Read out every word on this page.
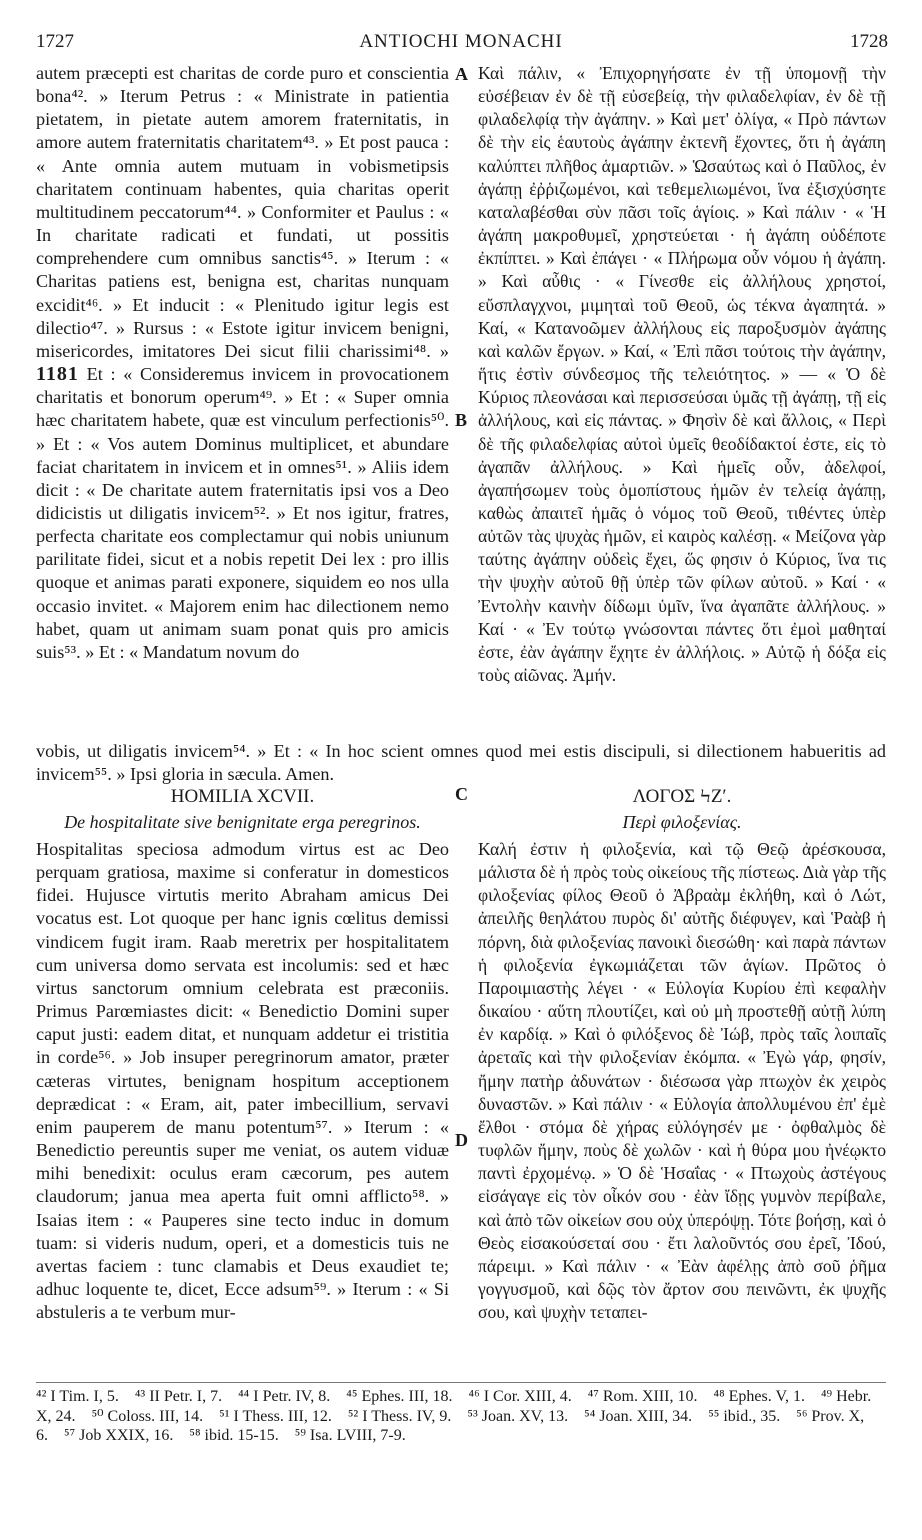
1727	ANTIOCHI MONACHI	1728
A
B
C
D
autem præcepti est charitas de corde puro et conscientia bona⁴². » Iterum Petrus : « Ministrate in patientia pietatem, in pietate autem amorem fraternitatis, in amore autem fraternitatis charitatem⁴³. » Et post pauca : « Ante omnia autem mutuam in vobismetipsis charitatem continuam habentes, quia charitas operit multitudinem peccatorum⁴⁴. » Conformiter et Paulus : « In charitate radicati et fundati, ut possitis comprehendere cum omnibus sanctis⁴⁵. » Iterum : « Charitas patiens est, benigna est, charitas nunquam excidit⁴⁶. » Et inducit : « Plenitudo igitur legis est dilectio⁴⁷. » Rursus : « Estote igitur invicem benigni, misericordes, imitatores Dei sicut filii charissimi⁴⁸. » 1181 Et : « Consideremus invicem in provocationem charitatis et bonorum operum⁴⁹. » Et : « Super omnia hæc charitatem habete, quæ est vinculum perfectionis⁵⁰. » Et : « Vos autem Dominus multiplicet, et abundare faciat charitatem in invicem et in omnes⁵¹. » Aliis idem dicit : « De charitate autem fraternitatis ipsi vos a Deo didicistis ut diligatis invicem⁵². » Et nos igitur, fratres, perfecta charitate eos complectamur qui nobis uniunum parilitate fidei, sicut et a nobis repetit Dei lex : pro illis quoque et animas parati exponere, siquidem eo nos ulla occasio invitet. « Majorem enim hac dilectionem nemo habet, quam ut animam suam ponat quis pro amicis suis⁵³. » Et : « Mandatum novum do
Καὶ πάλιν, « Ἐπιχορηγήσατε ἐν τῇ ὑπομονῇ τὴν εὐσέβειαν ἐν δὲ τῇ εὐσεβείᾳ, τὴν φιλαδελφίαν, ἐν δὲ τῇ φιλαδελφίᾳ τὴν ἀγάπην. » Καὶ μετ' ὀλίγα, « Πρὸ πάντων δὲ τὴν εἰς ἑαυτοὺς ἀγάπην ἐκτενῆ ἔχοντες, ὅτι ἡ ἀγάπη καλύπτει πλῆθος ἁμαρτιῶν. » Ὡσαύτως καὶ ὁ Παῦλος, ἐν ἀγάπῃ ἐῤῥιζωμένοι, καὶ τεθεμελιωμένοι, ἵνα ἐξισχύσητε καταλαβέσθαι σὺν πᾶσι τοῖς ἁγίοις. » Καὶ πάλιν · « Ἡ ἀγάπη μακροθυμεῖ, χρηστεύεται · ἡ ἀγάπη οὐδέποτε ἐκπίπτει. » Καὶ ἐπάγει · « Πλήρωμα οὖν νόμου ἡ ἀγάπη. » Καὶ αὖθις · « Γίνεσθε εἰς ἀλλήλους χρηστοί, εὔσπλαγχνοι, μιμηταὶ τοῦ Θεοῦ, ὡς τέκνα ἀγαπητά. » Καί, « Κατανοῶμεν ἀλλήλους εἰς παροξυσμὸν ἀγάπης καὶ καλῶν ἔργων. » Καί, « Ἐπὶ πᾶσι τούτοις τὴν ἀγάπην, ἥτις ἐστὶν σύνδεσμος τῆς τελειότητος. » — « Ὁ δὲ Κύριος πλεονάσαι καὶ περισσεύσαι ὑμᾶς τῇ ἀγάπῃ, τῇ εἰς ἀλλήλους, καὶ εἰς πάντας. » Φησὶν δὲ καὶ ἄλλοις, « Περὶ δὲ τῆς φιλαδελφίας αὐτοὶ ὑμεῖς θεοδίδακτοί ἐστε, εἰς τὸ ἀγαπᾶν ἀλλήλους. » Καὶ ἡμεῖς οὖν, ἀδελφοί, ἀγαπήσωμεν τοὺς ὁμοπίστους ἡμῶν ἐν τελείᾳ ἀγάπῃ, καθὼς ἀπαιτεῖ ἡμᾶς ὁ νόμος τοῦ Θεοῦ, τιθέντες ὑπὲρ αὐτῶν τὰς ψυχὰς ἡμῶν, εἰ καιρὸς καλέσῃ. « Μείζονα γὰρ ταύτης ἀγάπην οὐδεὶς ἔχει, ὥς φησιν ὁ Κύριος, ἵνα τις τὴν ψυχὴν αὐτοῦ θῇ ὑπὲρ τῶν φίλων αὐτοῦ. » Καί · « Ἐντολὴν καινὴν δίδωμι ὑμῖν, ἵνα ἀγαπᾶτε ἀλλήλους. » Καί · « Ἐν τούτῳ γνώσονται πάντες ὅτι ἐμοὶ μαθηταί ἐστε, ἐὰν ἀγάπην ἔχητε ἐν ἀλλήλοις. » Αὐτῷ ἡ δόξα εἰς τοὺς αἰῶνας. Ἀμήν.
vobis, ut diligatis invicem⁵⁴. » Et : « In hoc scient omnes quod mei estis discipuli, si dilectionem habueritis ad invicem⁵⁵. » Ipsi gloria in sæcula. Amen.
HOMILIA XCVII.
De hospitalitate sive benignitate erga peregrinos.
ΛΟΓΟΣ ϞΖʹ.
Περὶ φιλοξενίας.
Hospitalitas speciosa admodum virtus est ac Deo perquam gratiosa, maxime si conferatur in domesticos fidei. Hujusce virtutis merito Abraham amicus Dei vocatus est. Lot quoque per hanc ignis cœlitus demissi vindicem fugit iram. Raab meretrix per hospitalitatem cum universa domo servata est incolumis: sed et hæc virtus sanctorum omnium celebrata est præconiis. Primus Parœmiastes dicit: « Benedictio Domini super caput justi: eadem ditat, et nunquam addetur ei tristitia in corde⁵⁶. » Job insuper peregrinorum amator, præter cæteras virtutes, benignam hospitum acceptionem deprædicat : « Eram, ait, pater imbecillium, servavi enim pauperem de manu potentum⁵⁷. » Iterum : « Benedictio pereuntis super me veniat, os autem viduæ mihi benedixit: oculus eram cæcorum, pes autem claudorum; janua mea aperta fuit omni afflicto⁵⁸. » Isaias item : « Pauperes sine tecto induc in domum tuam: si videris nudum, operi, et a domesticis tuis ne avertas faciem : tunc clamabis et Deus exaudiet te; adhuc loquente te, dicet, Ecce adsum⁵⁹. » Iterum : « Si abstuleris a te verbum mur-
Καλή ἐστιν ἡ φιλοξενία, καὶ τῷ Θεῷ ἀρέσκουσα, μάλιστα δὲ ἡ πρὸς τοὺς οἰκείους τῆς πίστεως. Διὰ γὰρ τῆς φιλοξενίας φίλος Θεοῦ ὁ Ἀβραὰμ ἐκλήθη, καὶ ὁ Λώτ, ἀπειλῆς θεηλάτου πυρὸς δι' αὐτῆς διέφυγεν, καὶ Ῥαὰβ ἡ πόρνη, διὰ φιλοξενίας πανοικὶ διεσώθη· καὶ παρὰ πάντων ἡ φιλοξενία ἐγκωμιάζεται τῶν ἁγίων. Πρῶτος ὁ Παροιμιαστὴς λέγει · « Εὐλογία Κυρίου ἐπὶ κεφαλὴν δικαίου · αὕτη πλουτίζει, καὶ οὐ μὴ προστεθῇ αὐτῇ λύπη ἐν καρδίᾳ. » Καὶ ὁ φιλόξενος δὲ Ἰώβ, πρὸς ταῖς λοιπαῖς ἀρεταῖς καὶ τὴν φιλοξενίαν ἐκόμπα. « Ἐγὼ γάρ, φησίν, ἤμην πατὴρ ἀδυνάτων · διέσωσα γὰρ πτωχὸν ἐκ χειρὸς δυναστῶν. » Καὶ πάλιν · « Εὐλογία ἀπολλυμένου ἐπ' ἐμὲ ἔλθοι · στόμα δὲ χήρας εὐλόγησέν με · ὀφθαλμὸς δὲ τυφλῶν ἤμην, ποὺς δὲ χωλῶν · καὶ ἡ θύρα μου ἠνέῳκτο παντὶ ἐρχομένῳ. » Ὁ δὲ Ἡσαΐας · « Πτωχοὺς ἀστέγους εἰσάγαγε εἰς τὸν οἶκόν σου · ἐὰν ἴδῃς γυμνὸν περίβαλε, καὶ ἀπὸ τῶν οἰκείων σου οὐχ ὑπερόψῃ. Τότε βοήσῃ, καὶ ὁ Θεὸς εἰσακούσεταί σου · ἔτι λαλοῦντός σου ἐρεῖ, Ἰδού, πάρειμι. » Καὶ πάλιν · « Ἐὰν ἀφέλῃς ἀπὸ σοῦ ῥῆμα γογγυσμοῦ, καὶ δῷς τὸν ἄρτον σου πεινῶντι, ἐκ ψυχῆς σου, καὶ ψυχὴν τεταπει-
⁴² I Tim. I, 5. ⁴³ II Petr. I, 7. ⁴⁴ I Petr. IV, 8. ⁴⁵ Ephes. III, 18. ⁴⁶ I Cor. XIII, 4. ⁴⁷ Rom. XIII, 10. ⁴⁸ Ephes. V, 1. ⁴⁹ Hebr. X, 24. ⁵⁰ Coloss. III, 14. ⁵¹ I Thess. III, 12. ⁵² I Thess. IV, 9. ⁵³ Joan. XV, 13. ⁵⁴ Joan. XIII, 34. ⁵⁵ ibid., 35. ⁵⁶ Prov. X, 6. ⁵⁷ Job XXIX, 16. ⁵⁸ ibid. 15-15. ⁵⁹ Isa. LVIII, 7-9.
